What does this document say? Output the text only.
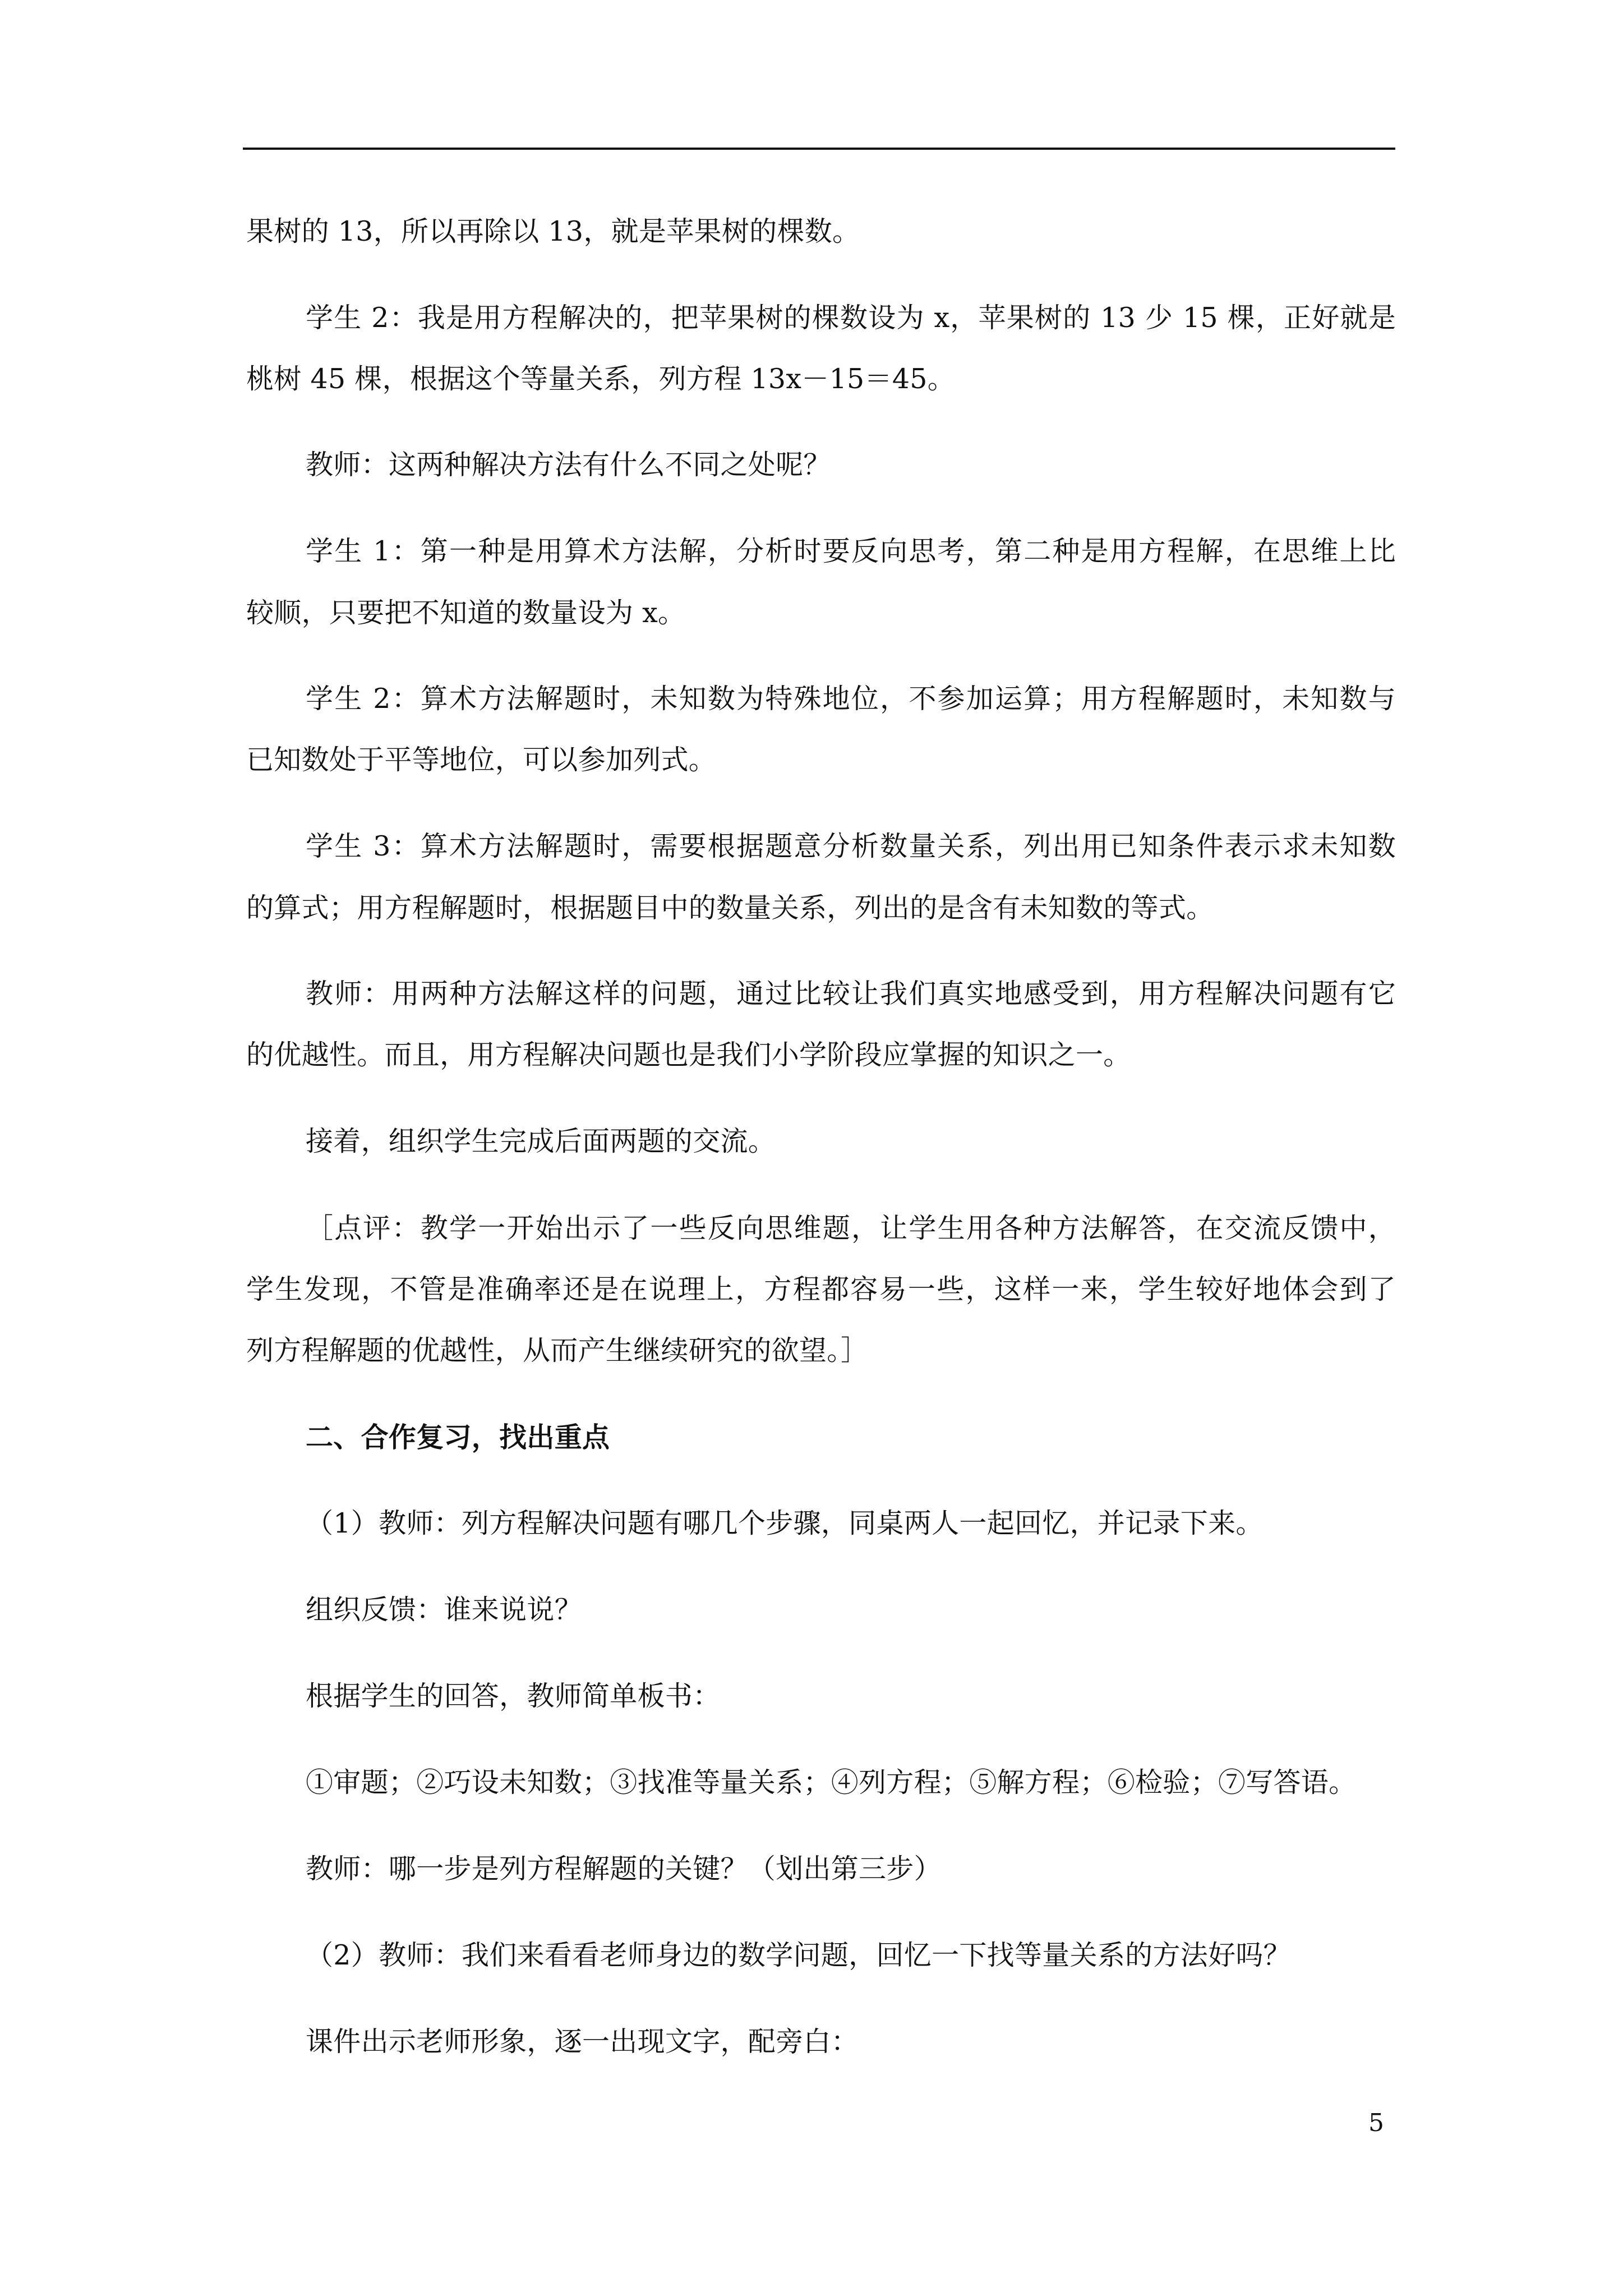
果树的 13，所以再除以 13，就是苹果树的棵数。
学生 2：我是用方程解决的，把苹果树的棵数设为 x，苹果树的 13 少 15 棵，正好就是
桃树 45 棵，根据这个等量关系，列方程 13x－15＝45。
教师：这两种解决方法有什么不同之处呢？
学生 1：第一种是用算术方法解，分析时要反向思考，第二种是用方程解，在思维上比
较顺，只要把不知道的数量设为 x。
学生 2：算术方法解题时，未知数为特殊地位，不参加运算；用方程解题时，未知数与
已知数处于平等地位，可以参加列式。
学生 3：算术方法解题时，需要根据题意分析数量关系，列出用已知条件表示求未知数
的算式；用方程解题时，根据题目中的数量关系，列出的是含有未知数的等式。
教师：用两种方法解这样的问题，通过比较让我们真实地感受到，用方程解决问题有它
的优越性。而且，用方程解决问题也是我们小学阶段应掌握的知识之一。
接着，组织学生完成后面两题的交流。
［点评：教学一开始出示了一些反向思维题，让学生用各种方法解答，在交流反馈中，
学生发现，不管是准确率还是在说理上，方程都容易一些，这样一来，学生较好地体会到了
列方程解题的优越性，从而产生继续研究的欲望。］
二、合作复习，找出重点
（1）教师：列方程解决问题有哪几个步骤，同桌两人一起回忆，并记录下来。
组织反馈：谁来说说？
根据学生的回答，教师简单板书：
①审题；②巧设未知数；③找准等量关系；④列方程；⑤解方程；⑥检验；⑦写答语。
教师：哪一步是列方程解题的关键？（划出第三步）
（2）教师：我们来看看老师身边的数学问题，回忆一下找等量关系的方法好吗？
课件出示老师形象，逐一出现文字，配旁白：
5
